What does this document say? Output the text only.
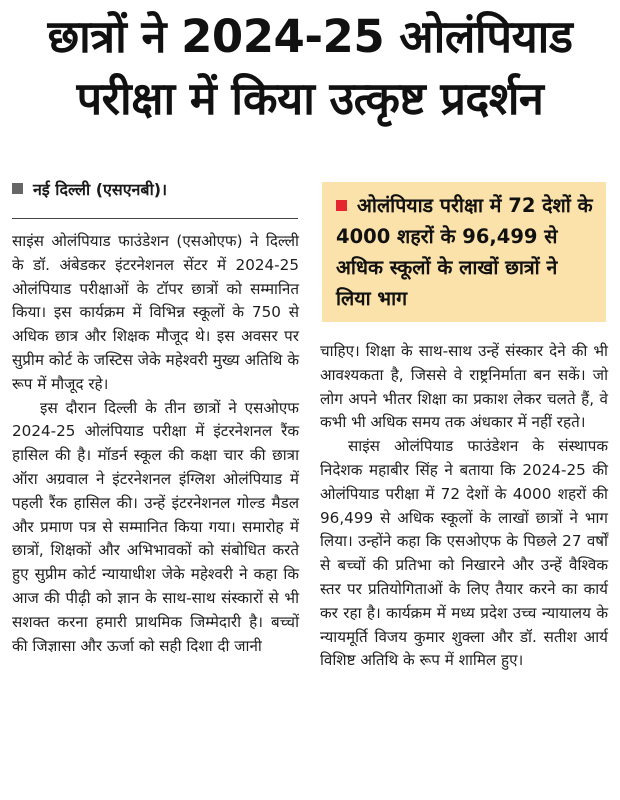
छात्रों ने 2024-25 ओलंपियाड
परीक्षा में किया उत्कृष्ट प्रदर्शन
नई दिल्ली (एसएनबी)।

साइंस ओलंपियाड फाउंडेशन (एसओएफ) ने दिल्ली के डॉ. अंबेडकर इंटरनेशनल सेंटर में 2024-25 ओलंपियाड परीक्षाओं के टॉपर छात्रों को सम्मानित किया। इस कार्यक्रम में विभिन्न स्कूलों के 750 से अधिक छात्र और शिक्षक मौजूद थे। इस अवसर पर सुप्रीम कोर्ट के जस्टिस जेके महेश्वरी मुख्य अतिथि के रूप में मौजूद रहे।

इस दौरान दिल्ली के तीन छात्रों ने एसओएफ 2024-25 ओलंपियाड परीक्षा में इंटरनेशनल रैंक हासिल की है। मॉडर्न स्कूल की कक्षा चार की छात्रा ऑरा अग्रवाल ने इंटरनेशनल इंग्लिश ओलंपियाड में पहली रैंक हासिल की। उन्हें इंटरनेशनल गोल्ड मैडल और प्रमाण पत्र से सम्मानित किया गया। समारोह में छात्रों, शिक्षकों और अभिभावकों को संबोधित करते हुए सुप्रीम कोर्ट न्यायाधीश जेके महेश्वरी ने कहा कि आज की पीढ़ी को ज्ञान के साथ-साथ संस्कारों से भी सशक्त करना हमारी प्राथमिक जिम्मेदारी है। बच्चों की जिज्ञासा और ऊर्जा को सही दिशा दी जानी

ओलंपियाड परीक्षा में 72 देशों के 4000 शहरों के 96,499 से अधिक स्कूलों के लाखों छात्रों ने लिया भाग

चाहिए। शिक्षा के साथ-साथ उन्हें संस्कार देने की भी आवश्यकता है, जिससे वे राष्ट्रनिर्माता बन सकें। जो लोग अपने भीतर शिक्षा का प्रकाश लेकर चलते हैं, वे कभी भी अधिक समय तक अंधकार में नहीं रहते।

साइंस ओलंपियाड फाउंडेशन के संस्थापक निदेशक महाबीर सिंह ने बताया कि 2024-25 की ओलंपियाड परीक्षा में 72 देशों के 4000 शहरों की 96,499 से अधिक स्कूलों के लाखों छात्रों ने भाग लिया। उन्होंने कहा कि एसओएफ के पिछले 27 वर्षों से बच्चों की प्रतिभा को निखारने और उन्हें वैश्विक स्तर पर प्रतियोगिताओं के लिए तैयार करने का कार्य कर रहा है। कार्यक्रम में मध्य प्रदेश उच्च न्यायालय के न्यायमूर्ति विजय कुमार शुक्ला और डॉ. सतीश आर्य विशिष्ट अतिथि के रूप में शामिल हुए।
